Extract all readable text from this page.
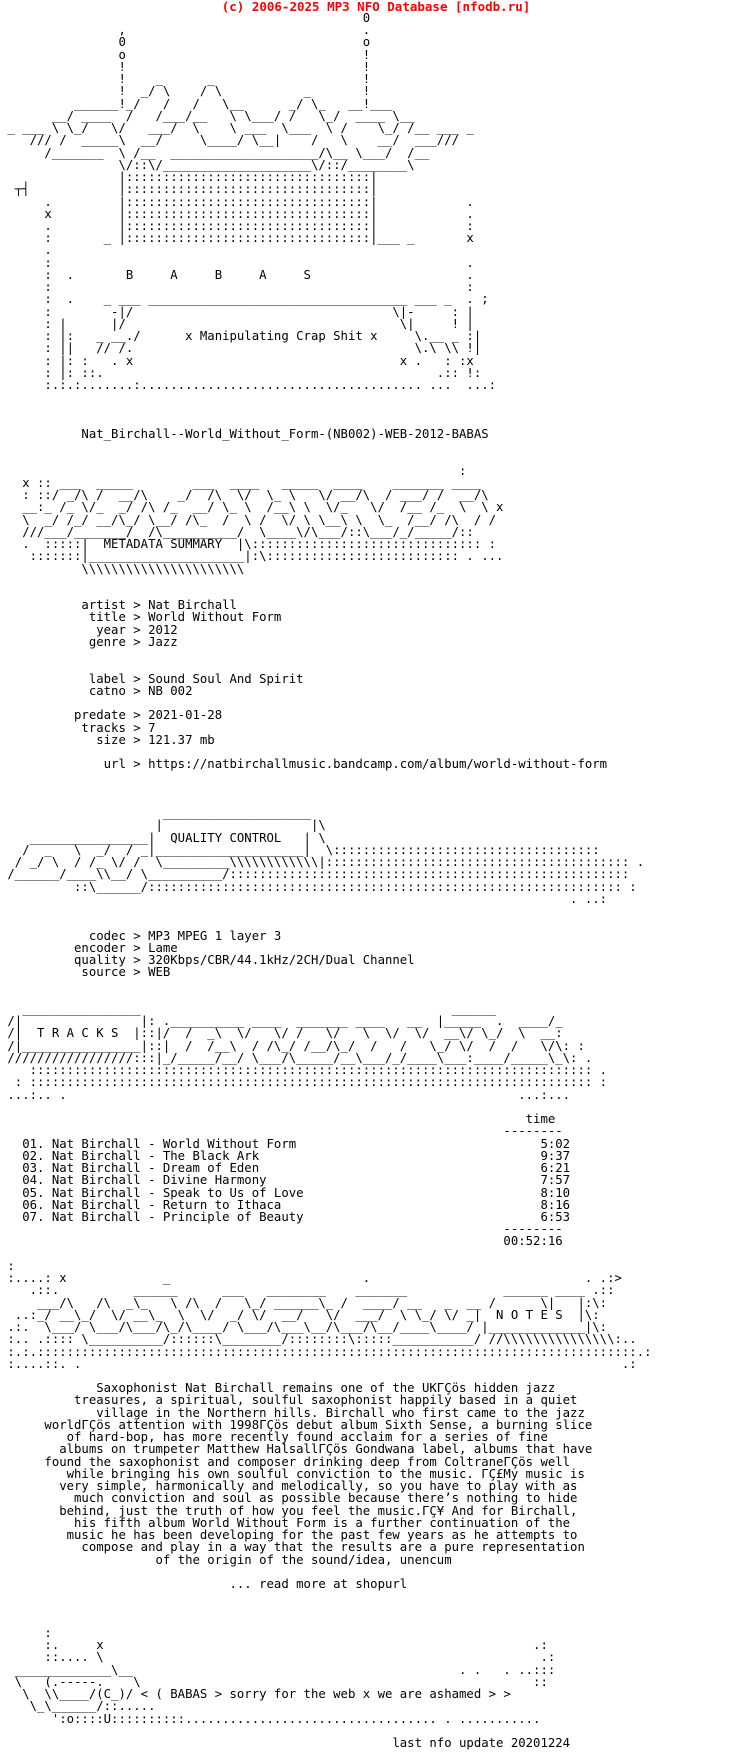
(c) 2006-2025 MP3 NFO Database [nfodb.ru]
0
,                                .
0                                o
o                                !
!                                !
!    _      _                    !
!  _/ \    / \           _       !
______!_/   /   /   \__      _/ \_   __!___
__/ ____  /   /___/__   \ \___/ /   \_/  ____ \__
_ ___ \ \_/   \/   ___/  \    \ ___  \___  \ /    \_/ /__ ___ _
/// /  _____\  __/     \____/ \__|    /   \    __/  ___///
/_______  \ /__  ____________________/\__ \___/  /__
\/::\/____________________\/::/________\
|:::::::::::::::::::::::::::::::::|
┬┤            |:::::::::::::::::::::::::::::::::|
.         |:::::::::::::::::::::::::::::::::|            .
x         |:::::::::::::::::::::::::::::::::|            .
.         |:::::::::::::::::::::::::::::::::|            :
:       _ |:::::::::::::::::::::::::::::::::|___ _       x
.
:                                                        .
:  .       B     A     B     A     S                     .
:                                                        :
:  .    _ ___ ___________________________________ ___ _  . ;
:        -|/                                   \|-     : |
: |      |/                                     \|     ! |
: |:   _ __./      x Manipulating Crap Shit x     \.__ _ :|
: ||   // /.                                      \.\ \\ !|
: |: :   . x                                    x .   : :x
: |: ::.                                             .:: !:
:.:.:.......:...................................... ...  ...:

Nat_Birchall--World_Without_Form-(NB002)-WEB-2012-BABAS

:
x :: ___  _____        ___  ____   _____  ____    _______ ____
: ::/ _/\ /  __/\    _/  /\  \/  \_ \   \/ __/\  / ___/ /  __/\
__:_ /_ \/_  _/ /\ /_  __/ \_ \  /__\ \  \/_   \/  /__ /_  \  \ x
\  _/ /_/ __/\_/ \__/ /\_  /  \ /  \/ \ \__\ \  \_  /__/ /\  / /
///___/_______/  /\__________/  \____\/\___/::\___/_/_____/::
.  :::::|  METADATA SUMMARY  |\::::::::::::::::::::::::::::::: :
:::::::|_____________________|:\:::::::::::::::::::::::::: . ...
\\\\\\\\\\\\\\\\\\\\\\

artist > Nat Birchall
title > World Without Form
year > 2012
genre > Jazz

label > Sound Soul And Spirit
catno > NB 002

predate > 2021-01-28
tracks > 7
size > 121.37 mb

url > https://natbirchallmusic.bandcamp.com/album/world-without-form

____________________
|                    |\
________________|  QUALITY CONTROL   | \
/  _   \  _/  / _|____________________|  \::::::::::::::::::::::::::::::::::::
/ _/ \  / /_ \/ /  \_________\\\\\\\\\\\\|::::::::::::::::::::::::::::::::::::::::: .
/______/____\\__/ \__________/::::::::::::::::::::::::::::::::::::::::::::::::::::::
::\______/:::::::::::::::::::::::::::::::::::::::::::::::::::::::::::::::: :
. ..:

codec > MP3 MPEG 1 layer 3
encoder > Lame
quality > 320Kbps/CBR/44.1kHz/2CH/Dual Channel
source > WEB

________________                                          ______
/|                |: .__________ ____  _______ ____   __  |_____  .  ____/_
/|  T R A C K S  |::|/  /  _\  \/   \/ /   \/   \  \/  \/  __\/ \_/  \  __:
/|________________|::|  /  /__\  / /\_/ /__/\_/  /   /   \_/ \/  /  /   \/\: :
/////////////////:::|_/_____/__/ \___/\_____/__\___/_/____\___:____/_____\_\: .
:::::::::::::::::::::::::::::::::::::::::::::::::::::::::::::::::::::::::::: .
: :::::::::::::::::::::::::::::::::::::::::::::::::::::::::::::::::::::::::::: :
...:.. .                                                             ...:...

time
--------
01. Nat Birchall - World Without Form                                 5:02
02. Nat Birchall - The Black Ark                                      9:37
03. Nat Birchall - Dream of Eden                                      6:21
04. Nat Birchall - Divine Harmony                                     7:57
05. Nat Birchall - Speak to Us of Love                                8:10
06. Nat Birchall - Return to Ithaca                                   8:16
07. Nat Birchall - Principle of Beauty                                6:53
--------
00:52:16

:
:....: x             _                          .                             . .:>
.::.          ______      ___   ________    _______             ______ ____ .::
___/\   /\  _\_   \ /\  /   \_/ ______\_ /  ____/ __   _  __ /      \|   |:\:
..:_/ __\_/  \/ __\_  \  \/  _/ \/  __/   \/  ___/  \ \_/ \/ _|  N O T E S  |\:
.:.  \___/ \___/\___/\_/\____/ \___/\___\__/\___/\__/____\____/ |_____________|\:
:.. .:::: \__________/::::::\________/::::::::\:::::___________/ //\\\\\\\\\\\\\\\:..
:.:.:::::::::::::::::::::::::::::::::::::::::::::::::::::::::::::::::::::::::::::::::.:
:....::. .                                                                         .:

Saxophonist Nat Birchall remains one of the UKΓÇös hidden jazz
treasures, a spiritual, soulful saxophonist happily based in a quiet
village in the Northern hills. Birchall who first came to the jazz
worldΓÇös attention with 1998ΓÇös debut album Sixth Sense, a burning slice
of hard-bop, has more recently found acclaim for a series of fine
albums on trumpeter Matthew HalsallΓÇös Gondwana label, albums that have
found the saxophonist and composer drinking deep from ColtraneΓÇös well
while bringing his own soulful conviction to the music. ΓÇ£My music is
very simple, harmonically and melodically, so you have to play with as
much conviction and soul as possible because there’s nothing to hide
behind, just the truth of how you feel the music.ΓÇ¥ And for Birchall,
his fifth album World Without Form is a further continuation of the
music he has been developing for the past few years as he attempts to
compose and play in a way that the results are a pure representation
of the origin of the sound/idea, unencum

... read more at shopurl

:
:.     x                                                          .:
::.... \                                                           .:
_____________\__                                            . .   . ..:::
\   (.-----.    \                                                     ::
\  \\____/(C_)/ < ( BABAS > sorry for the web x we are ashamed > >
\_\______/::.....
':o::::U::::::::::.................................. . ...........

last nfo update 20201224
